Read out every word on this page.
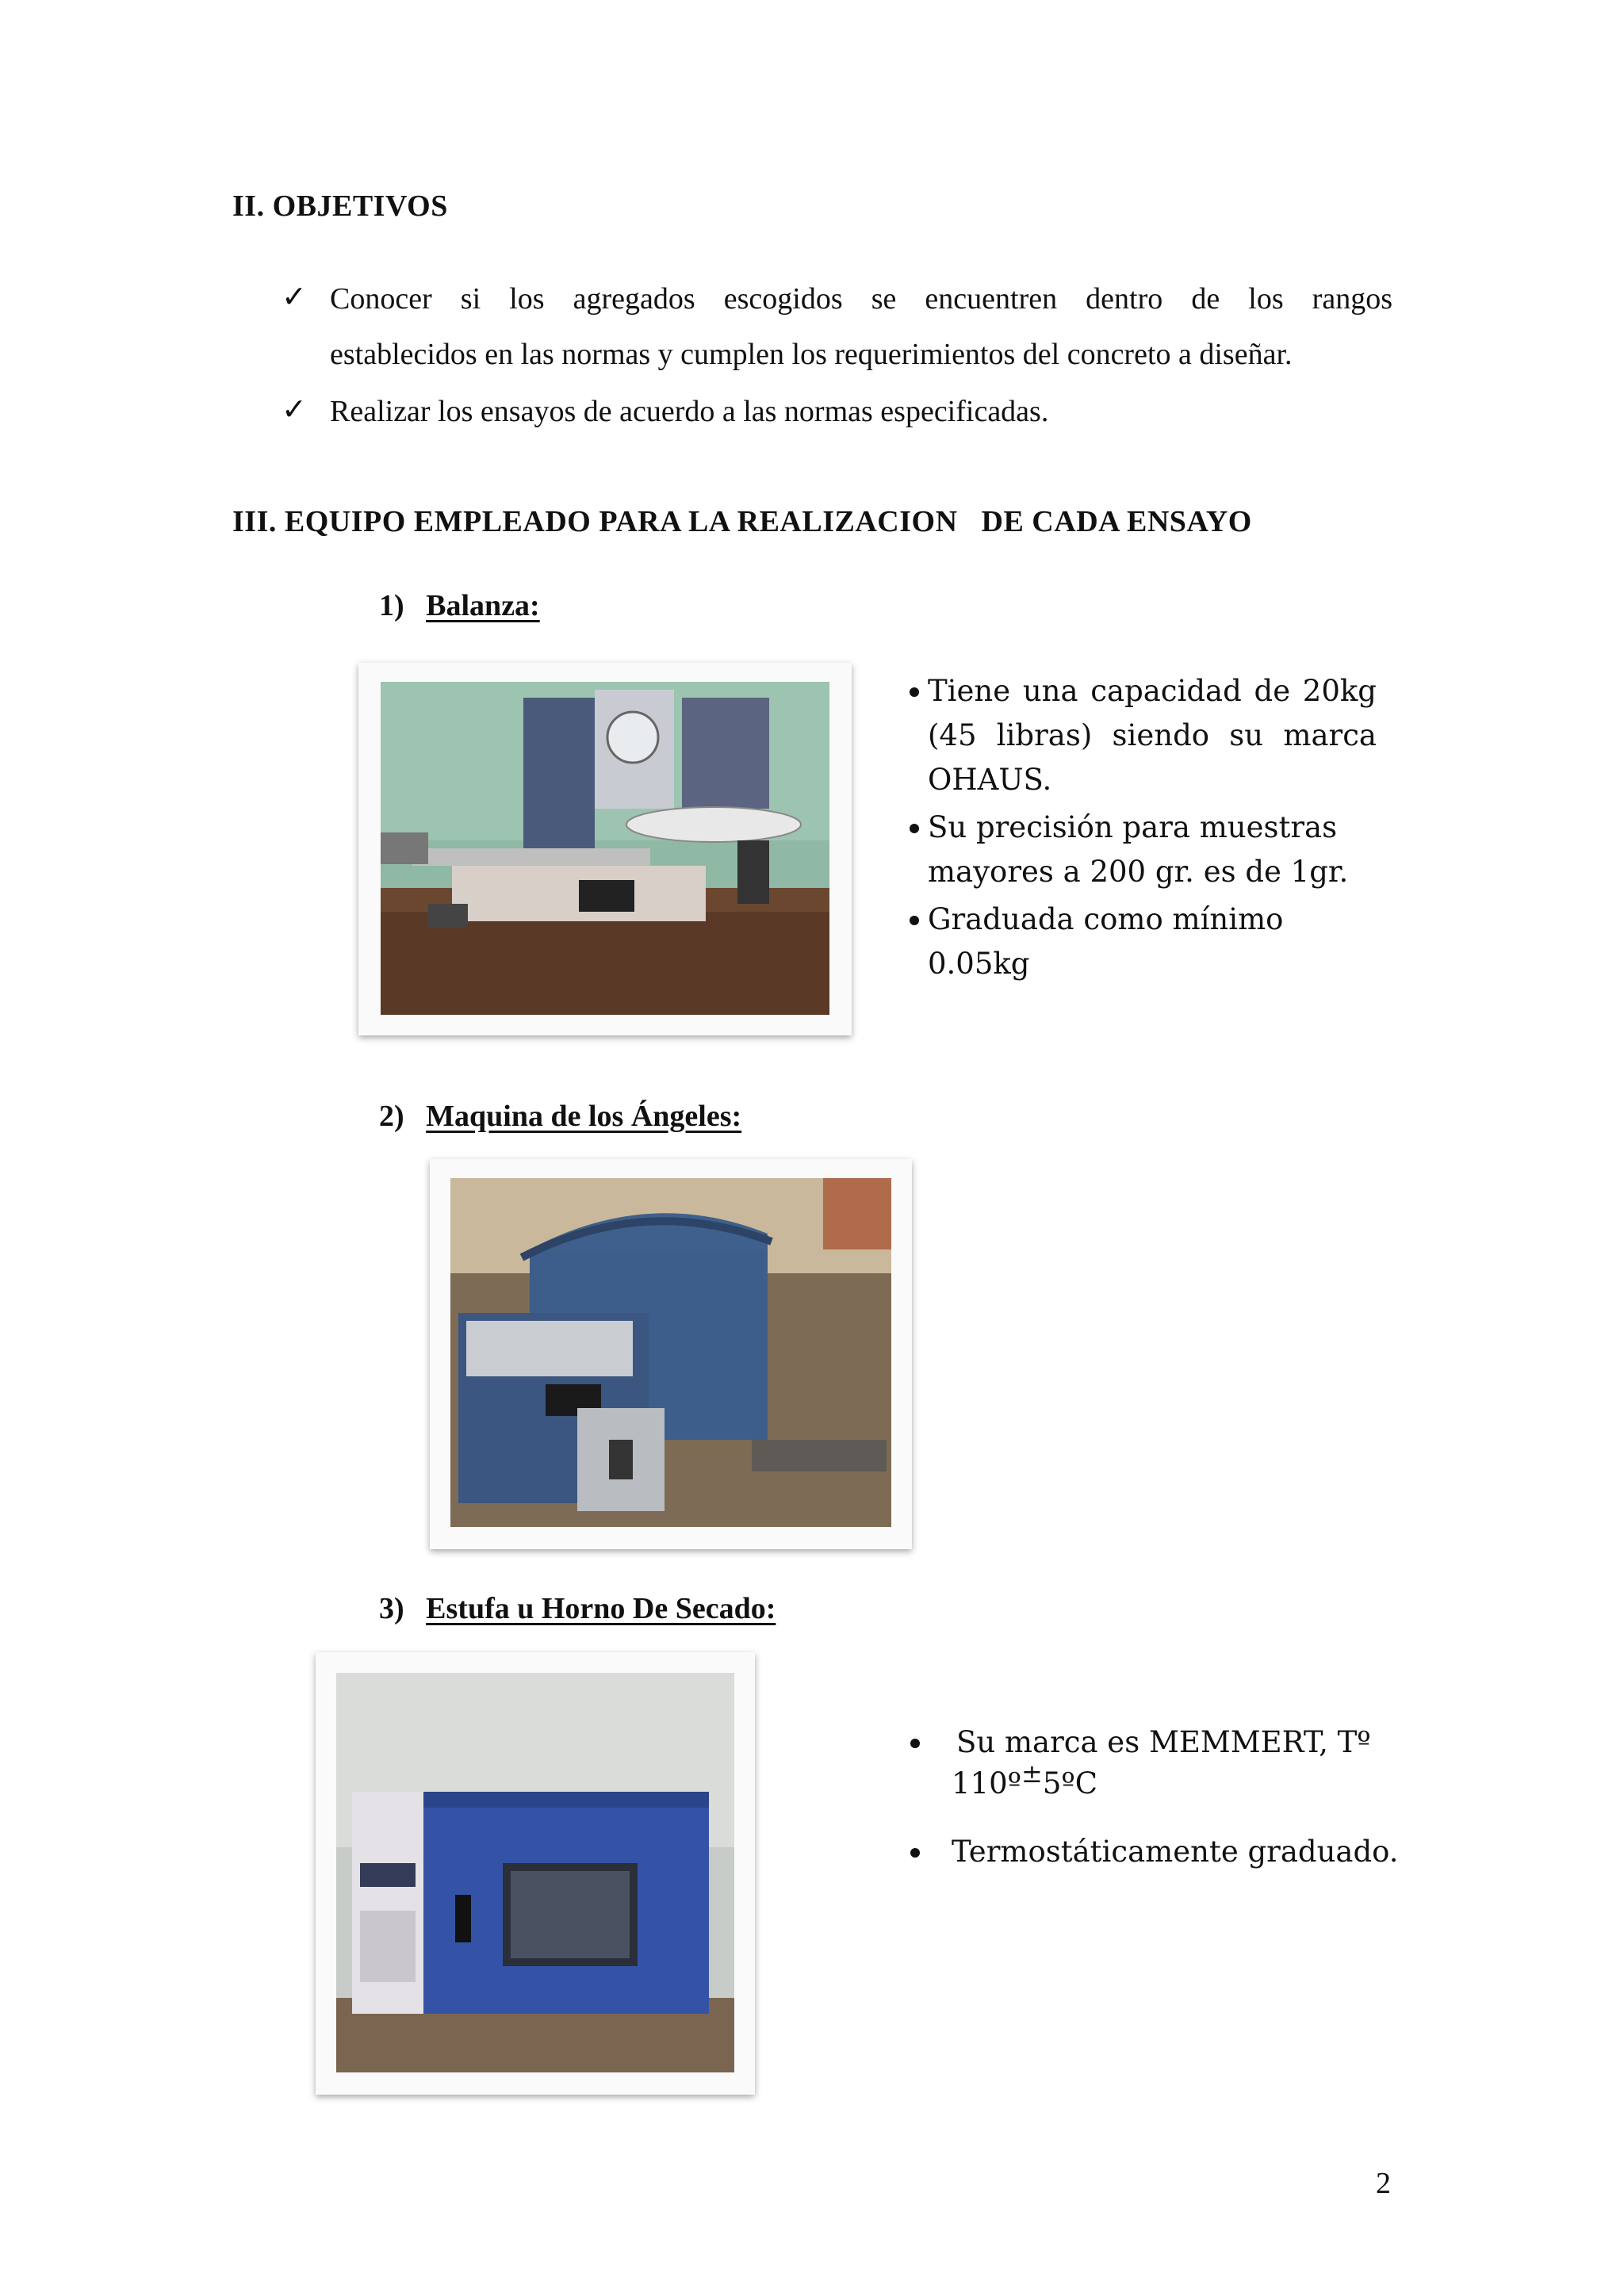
II. OBJETIVOS
✓ Conocer si los agregados escogidos se encuentren dentro de los rangos
establecidos en las normas y cumplen los requerimientos del concreto a diseñar.
✓ Realizar los ensayos de acuerdo a las normas especificadas.
III. EQUIPO EMPLEADO PARA LA REALIZACION   DE CADA ENSAYO
1) Balanza:
Tiene una capacidad de 20kg
(45 libras) siendo su marca
OHAUS.
Su precisión para muestras
mayores a 200 gr. es de 1gr.
Graduada como mínimo 0.05kg
2) Maquina de los Ángeles:
3) Estufa u Horno De Secado:
Su marca es MEMMERT, Tº
110º±5ºC
Termostáticamente graduado.
2
